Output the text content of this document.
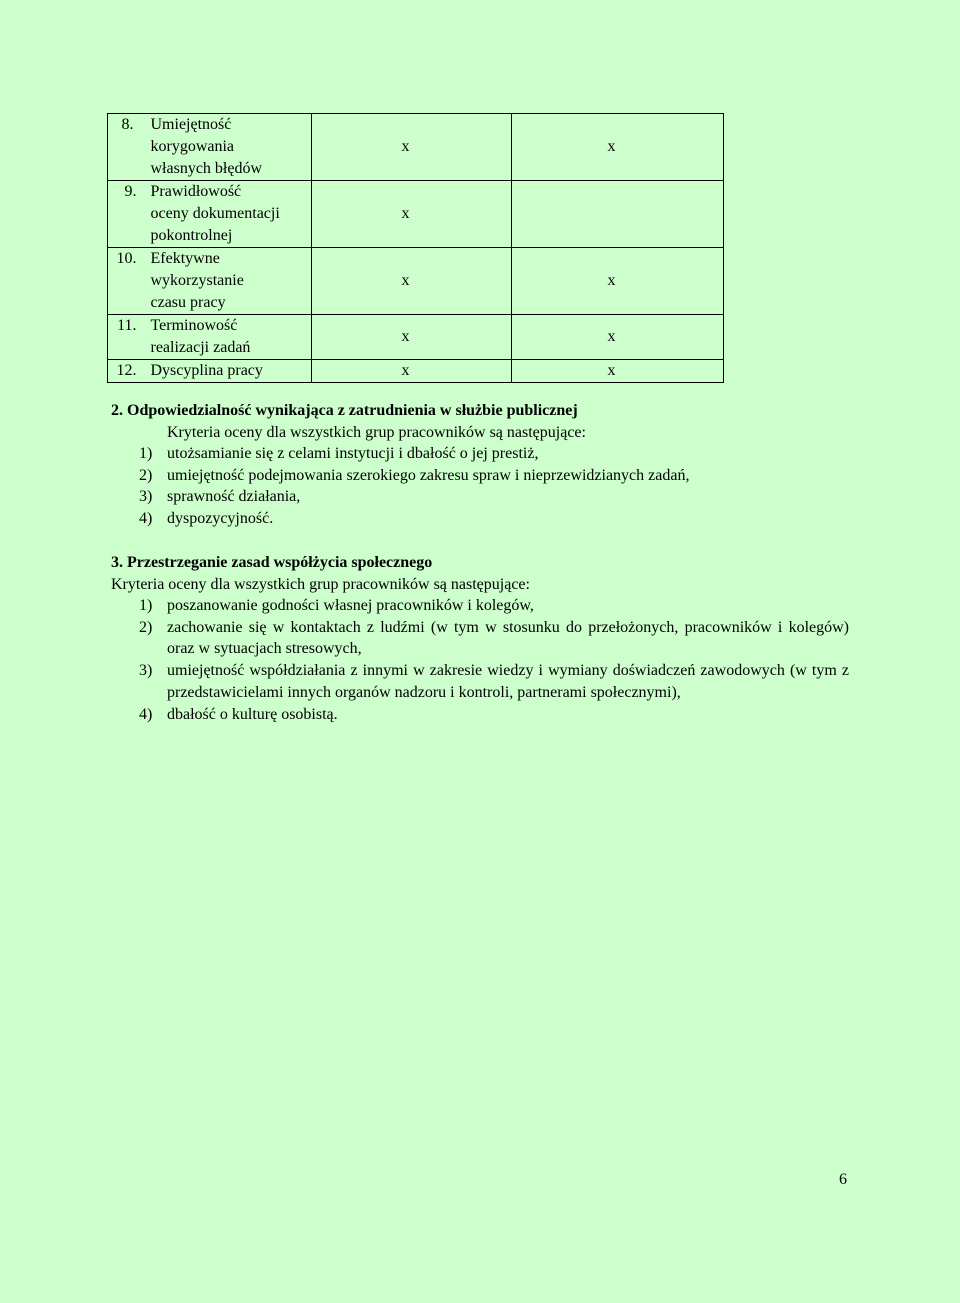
8.	Umiejętność
korygowania
własnych błędów	x	x
9.	Prawidłowość
oceny dokumentacji
pokontrolnej	x	
10.	Efektywne
wykorzystanie
czasu pracy	x	x
11.	Terminowość
realizacji zadań	x	x
12.	Dyscyplina pracy	x	x
2. Odpowiedzialność wynikająca z zatrudnienia w służbie publicznej
Kryteria oceny dla wszystkich grup pracowników są następujące:
1) utożsamianie się z celami instytucji i dbałość o jej prestiż,
2) umiejętność podejmowania szerokiego zakresu spraw i nieprzewidzianych zadań,
3) sprawność działania,
4) dyspozycyjność.
3. Przestrzeganie zasad współżycia społecznego
Kryteria oceny dla wszystkich grup pracowników są następujące:
1) poszanowanie godności własnej pracowników i kolegów,
2) zachowanie się w kontaktach z ludźmi (w tym w stosunku do przełożonych, pracowników i kolegów) oraz w sytuacjach stresowych,
3) umiejętność współdziałania z innymi w zakresie wiedzy i wymiany doświadczeń zawodowych (w tym z przedstawicielami innych organów nadzoru i kontroli, partnerami społecznymi),
4) dbałość o kulturę osobistą.
6
